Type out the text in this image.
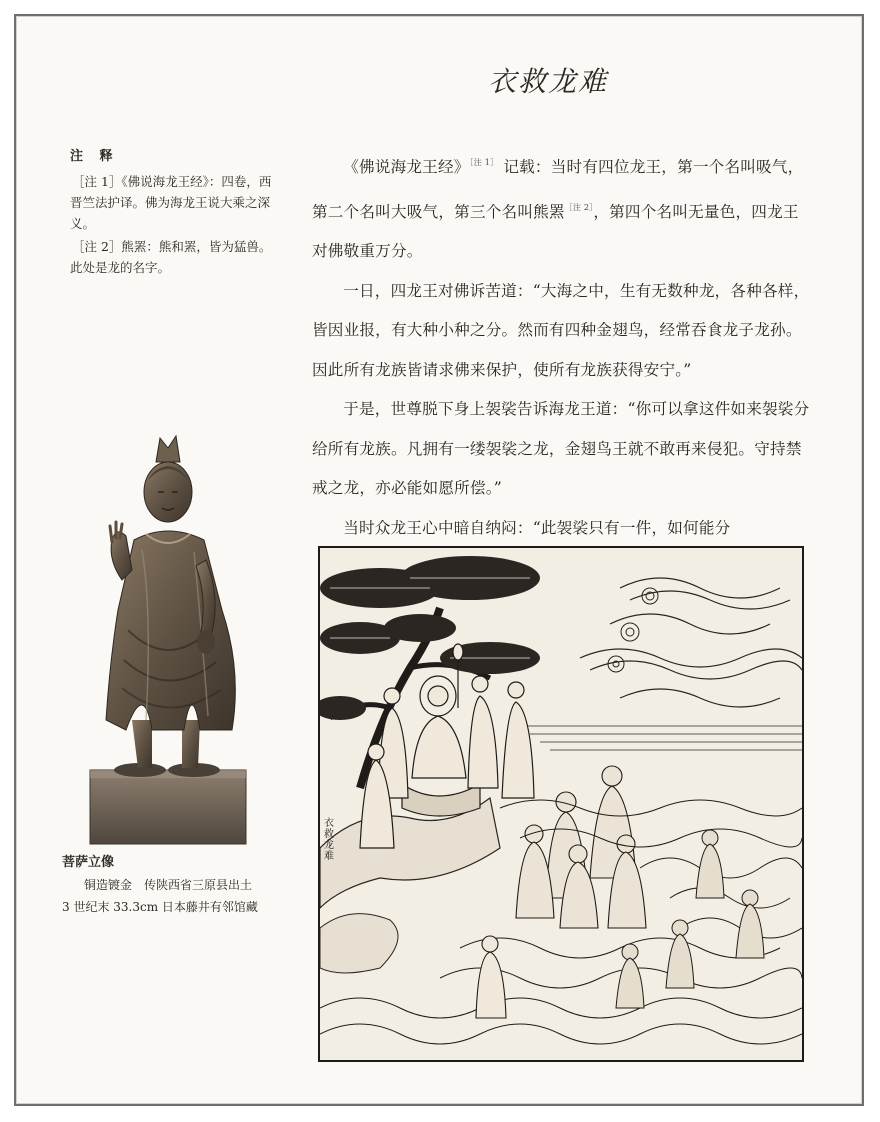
衣救龙难
注 释
［注 1］《佛说海龙王经》：四卷，西晋竺法护译。佛为海龙王说大乘之深义。
［注 2］熊罴：熊和罴，皆为猛兽。此处是龙的名字。

《佛说海龙王经》$^{[注 1]}$ 记载：当时有四位龙王，第一个名叫吸气，第二个名叫大吸气，第三个名叫熊罴$^{[注 2]}$，第四个名叫无量色，四龙王对佛敬重万分。

一日，四龙王对佛诉苦道：“大海之中，生有无数种龙，各种各样，皆因业报，有大种小种之分。然而有四种金翅鸟，经常吞食龙子龙孙。因此所有龙族皆请求佛来保护，使所有龙族获得安宁。”

于是，世尊脱下身上袈裟告诉海龙王道：“你可以拿这件如来袈裟分给所有龙族。凡拥有一缕袈裟之龙，金翅鸟王就不敢再来侵犯。守持禁戒之龙，亦必能如愿所偿。”

当时众龙王心中暗自纳闷：“此袈裟只有一件，如何能分

菩萨立像
铜造镀金　传陕西省三原县出土
3 世纪末 33.3cm 日本藤井有邻馆藏
衣救龙难
